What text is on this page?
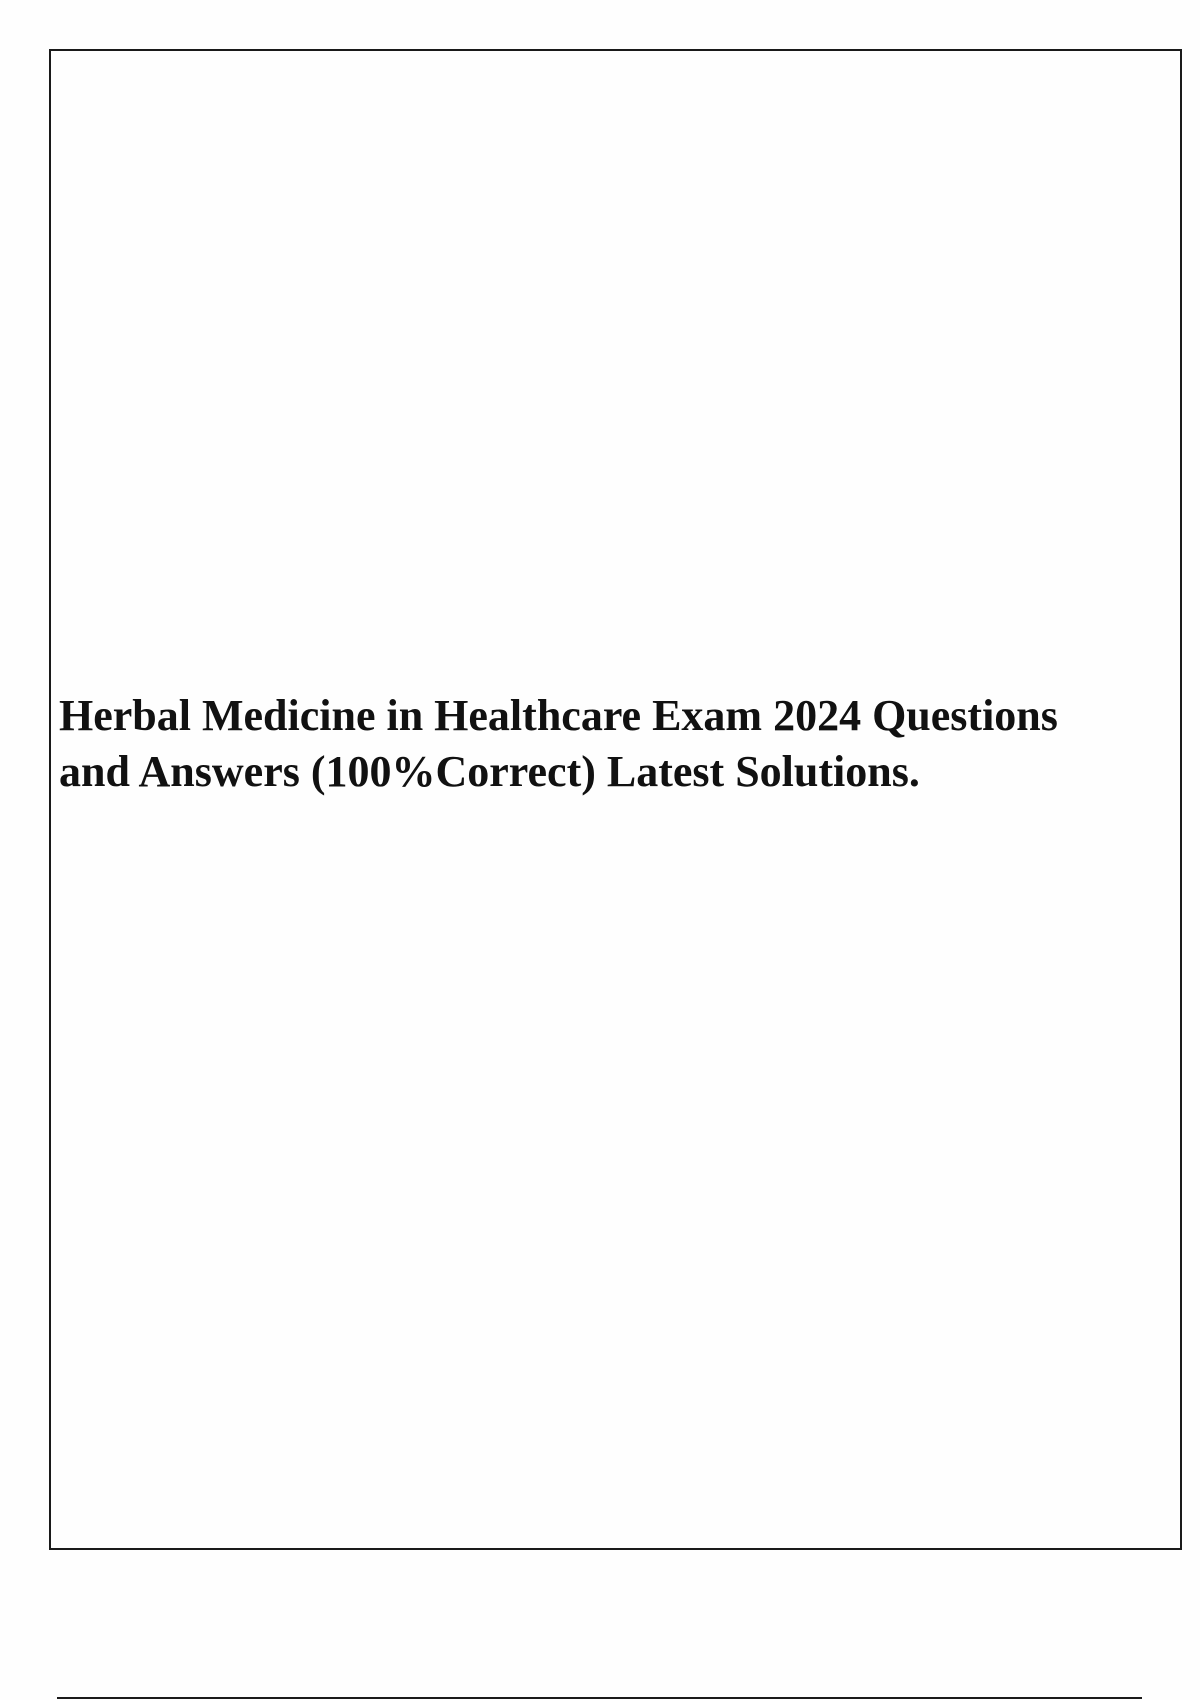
Herbal Medicine in Healthcare Exam 2024 Questions
and Answers (100%Correct) Latest Solutions.
